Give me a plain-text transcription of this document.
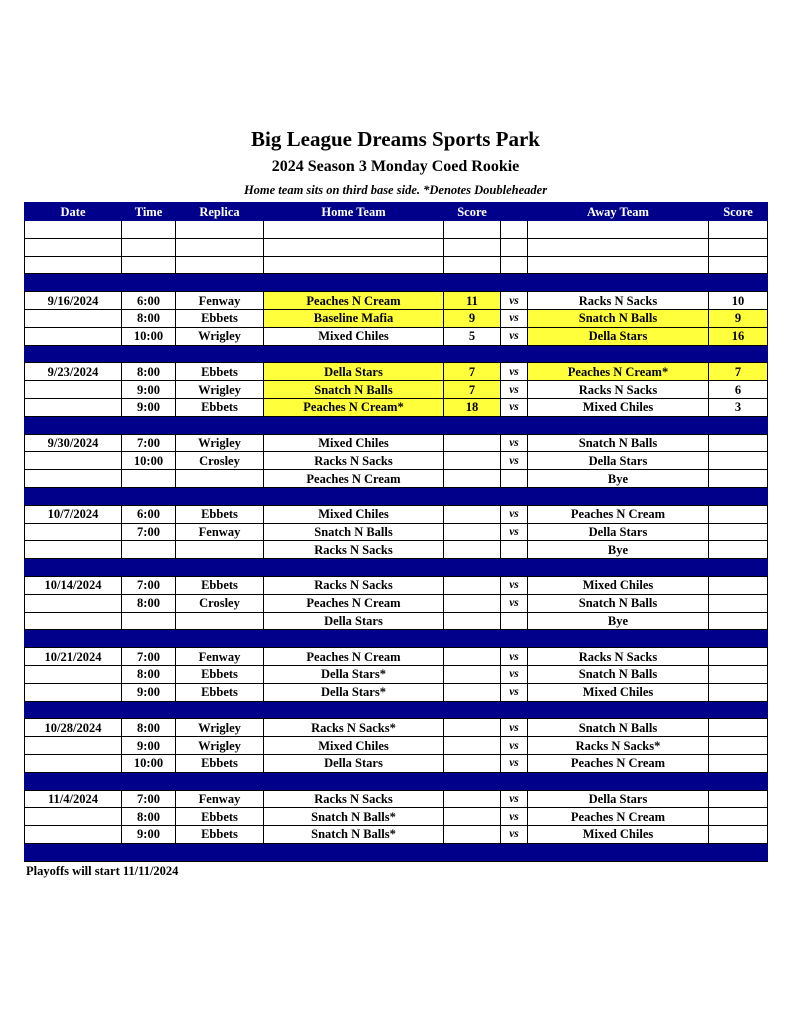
Big League Dreams Sports Park
2024 Season 3 Monday Coed Rookie
Home team sits on third base side. *Denotes Doubleheader
Date	Time	Replica	Home Team	Score		Away Team	Score

9/16/2024	6:00	Fenway	Peaches N Cream	11	vs	Racks N Sacks	10
	8:00	Ebbets	Baseline Mafia	9	vs	Snatch N Balls	9
	10:00	Wrigley	Mixed Chiles	5	vs	Della Stars	16

9/23/2024	8:00	Ebbets	Della Stars	7	vs	Peaches N Cream*	7
	9:00	Wrigley	Snatch N Balls	7	vs	Racks N Sacks	6
	9:00	Ebbets	Peaches N Cream*	18	vs	Mixed Chiles	3

9/30/2024	7:00	Wrigley	Mixed Chiles		vs	Snatch N Balls	
	10:00	Crosley	Racks N Sacks		vs	Della Stars	
			Peaches N Cream			Bye	

10/7/2024	6:00	Ebbets	Mixed Chiles		vs	Peaches N Cream	
	7:00	Fenway	Snatch N Balls		vs	Della Stars	
			Racks N Sacks			Bye	

10/14/2024	7:00	Ebbets	Racks N Sacks		vs	Mixed Chiles	
	8:00	Crosley	Peaches N Cream		vs	Snatch N Balls	
			Della Stars			Bye	

10/21/2024	7:00	Fenway	Peaches N Cream		vs	Racks N Sacks	
	8:00	Ebbets	Della Stars*		vs	Snatch N Balls	
	9:00	Ebbets	Della Stars*		vs	Mixed Chiles	

10/28/2024	8:00	Wrigley	Racks N Sacks*		vs	Snatch N Balls	
	9:00	Wrigley	Mixed Chiles		vs	Racks N Sacks*	
	10:00	Ebbets	Della Stars		vs	Peaches N Cream	

11/4/2024	7:00	Fenway	Racks N Sacks		vs	Della Stars	
	8:00	Ebbets	Snatch N Balls*		vs	Peaches N Cream	
	9:00	Ebbets	Snatch N Balls*		vs	Mixed Chiles	

Playoffs will start 11/11/2024
